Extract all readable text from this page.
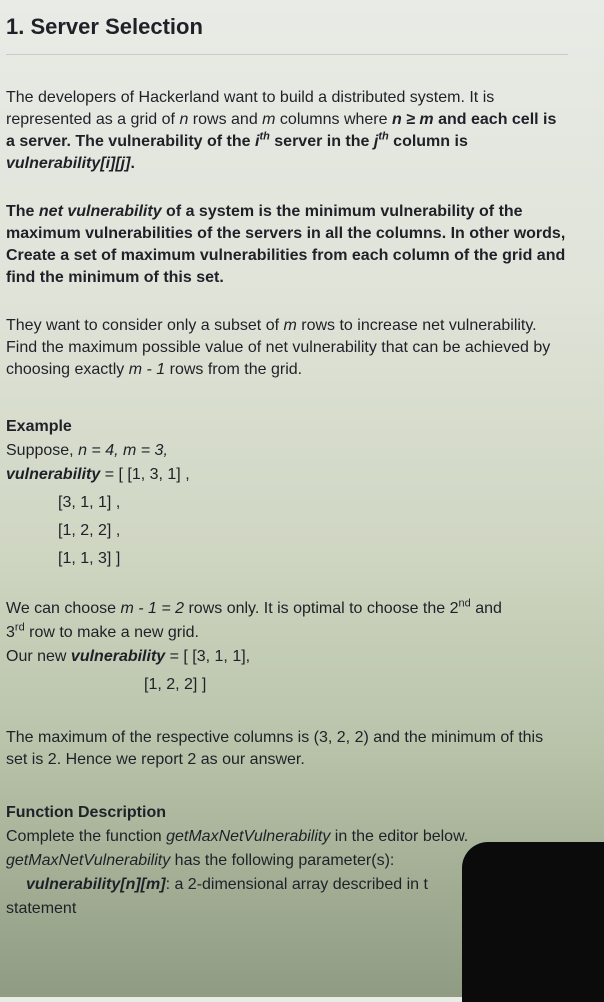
1. Server Selection

The developers of Hackerland want to build a distributed system. It is represented as a grid of n rows and m columns where n ≥ m and each cell is a server. The vulnerability of the $i^{th}$ server in the $j^{th}$ column is vulnerability[i][j].

The net vulnerability of a system is the minimum vulnerability of the maximum vulnerabilities of the servers in all the columns. In other words, Create a set of maximum vulnerabilities from each column of the grid and find the minimum of this set.

They want to consider only a subset of m rows to increase net vulnerability. Find the maximum possible value of net vulnerability that can be achieved by choosing exactly m - 1 rows from the grid.

Example
Suppose, n = 4, m = 3,
vulnerability = [ [1, 3, 1] ,
[3, 1, 1] ,
[1, 2, 2] ,
[1, 1, 3] ]
We can choose m - 1 = 2 rows only. It is optimal to choose the 2nd and
3rd row to make a new grid.
Our new vulnerability = [ [3, 1, 1],
[1, 2, 2] ]

The maximum of the respective columns is (3, 2, 2) and the minimum of this set is 2. Hence we report 2 as our answer.

Function Description
Complete the function getMaxNetVulnerability in the editor below.
getMaxNetVulnerability has the following parameter(s):
vulnerability[n][m]: a 2-dimensional array described in t
statement
